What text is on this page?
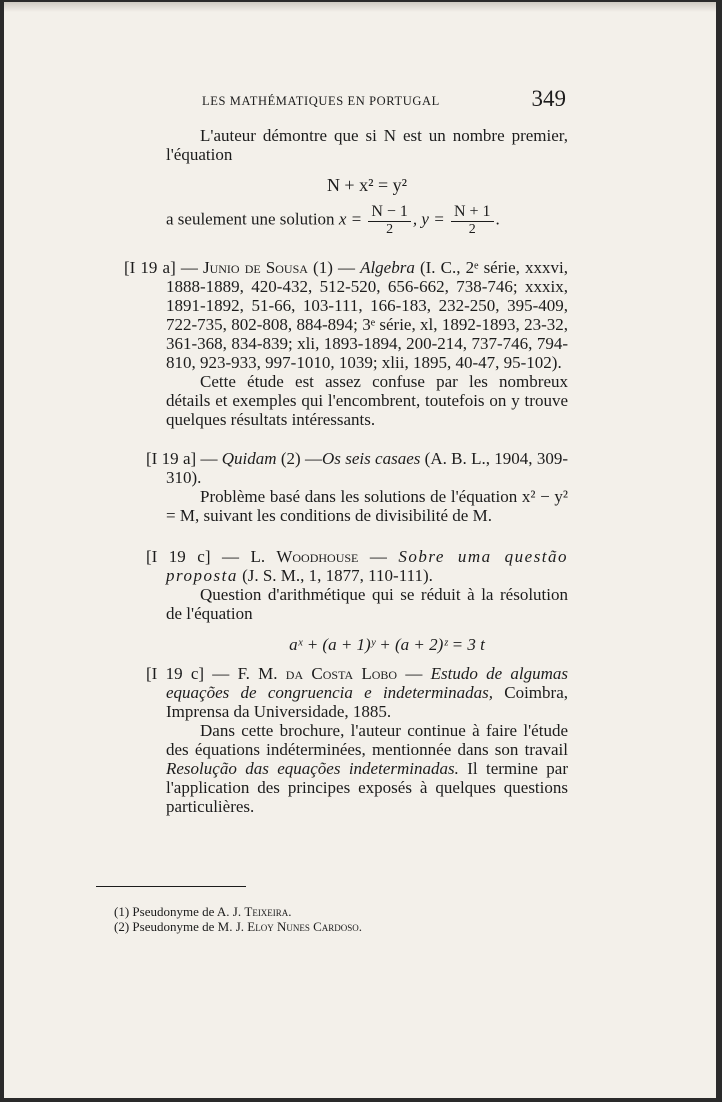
LES MATHÉMATIQUES EN PORTUGAL	349

L'auteur démontre que si N est un nombre premier, l'équation

N + x² = y²

a seulement une solution $x = \frac{N - 1}{2}$ , $y = \frac{N + 1}{2}$ .

[I 19 a] — Junio de Sousa (1) — Algebra (I. C., 2ᵉ série, xxxvi, 1888-1889, 420-432, 512-520, 656-662, 738-746; xxxix, 1891-1892, 51-66, 103-111, 166-183, 232-250, 395-409, 722-735, 802-808, 884-894; 3ᵉ série, xl, 1892-1893, 23-32, 361-368, 834-839; xli, 1893-1894, 200-214, 737-746, 794-810, 923-933, 997-1010, 1039; xlii, 1895, 40-47, 95-102).

Cette étude est assez confuse par les nombreux détails et exemples qui l'encombrent, toutefois on y trouve quelques résultats intéressants.

[I 19 a] — Quidam (2) —Os seis casaes (A. B. L., 1904, 309-310).

Problème basé dans les solutions de l'équation x² − y² = M, suivant les conditions de divisibilité de M.

[I 19 c] — L. Woodhouse — Sobre uma questão proposta (J. S. M., 1, 1877, 110-111).

Question d'arithmétique qui se réduit à la résolution de l'équation

aˣ + (a + 1)ʸ + (a + 2)ᶻ = 3 t

[I 19 c] — F. M. da Costa Lobo — Estudo de algumas equações de congruencia e indeterminadas, Coimbra, Imprensa da Universidade, 1885.

Dans cette brochure, l'auteur continue à faire l'étude des équations indéterminées, mentionnée dans son travail Resolução das equações indeterminadas. Il termine par l'application des principes exposés à quelques questions particulières.

(1) Pseudonyme de A. J. Teixeira.

(2) Pseudonyme de M. J. Eloy Nunes Cardoso.
